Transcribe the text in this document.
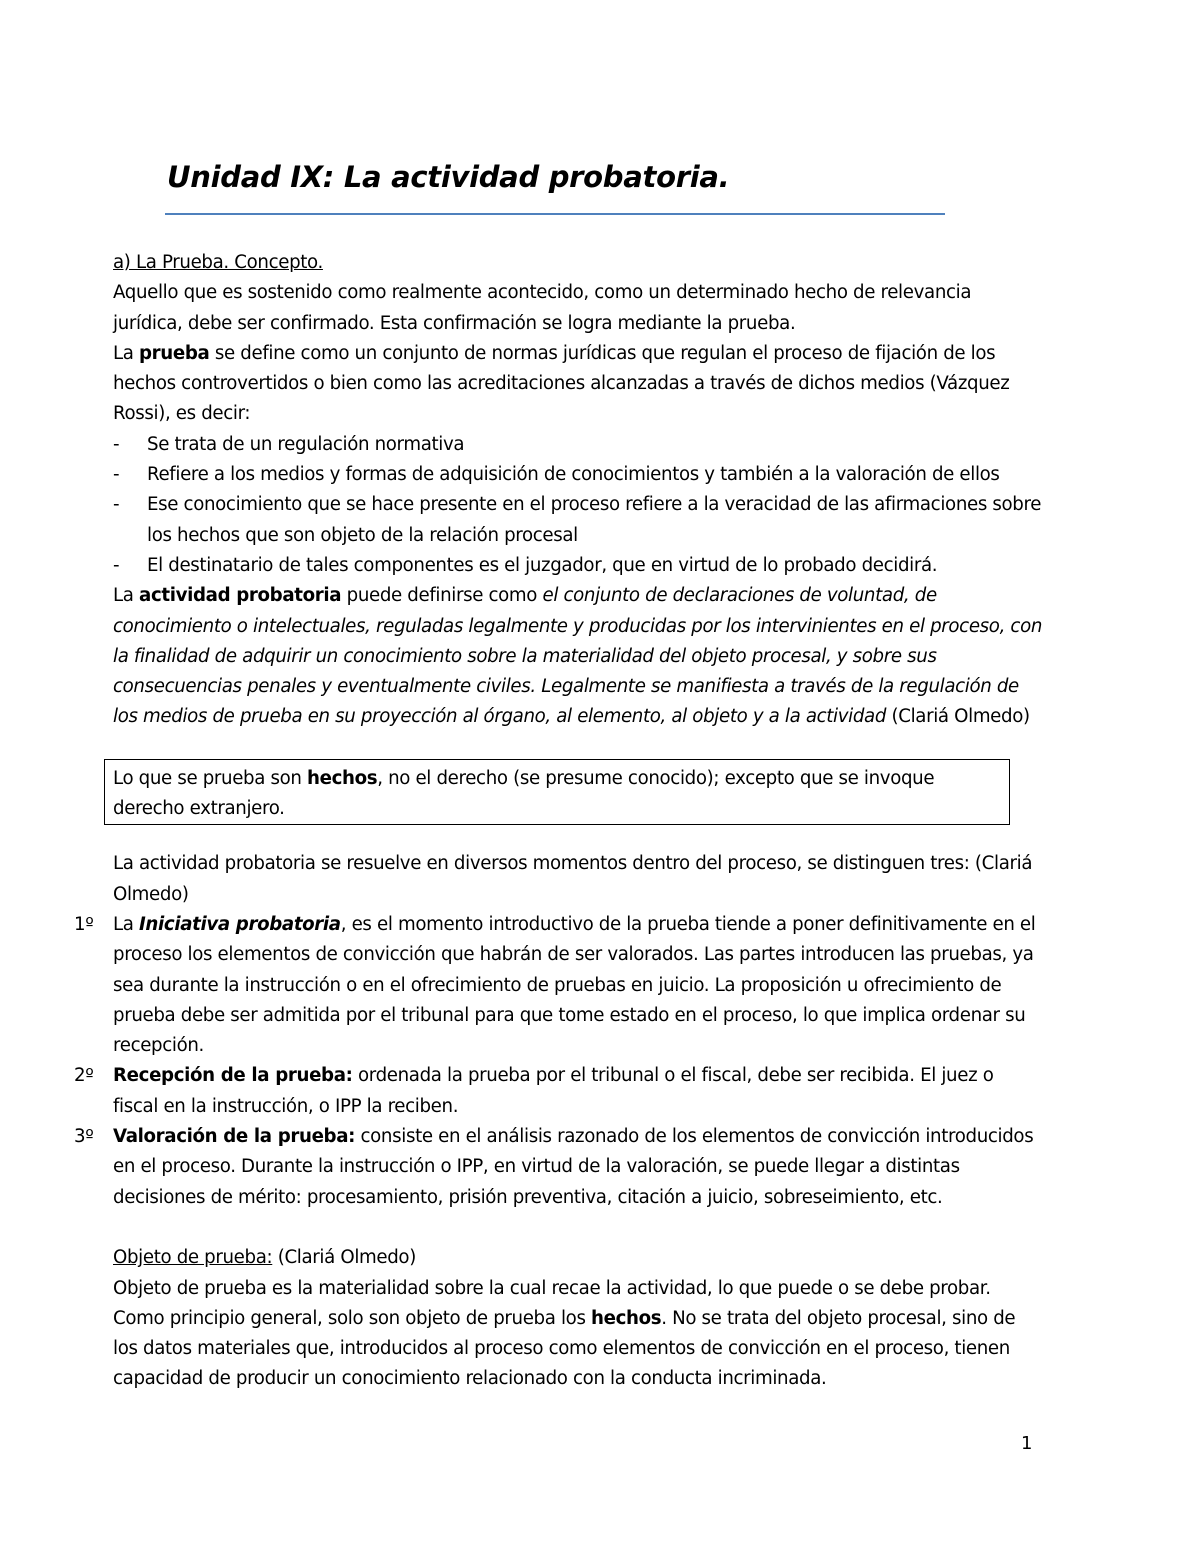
Unidad IX: La actividad probatoria.

a) La Prueba. Concepto.

Aquello que es sostenido como realmente acontecido, como un determinado hecho de relevancia jurídica, debe ser confirmado. Esta confirmación se logra mediante la prueba.

La prueba se define como un conjunto de normas jurídicas que regulan el proceso de fijación de los hechos controvertidos o bien como las acreditaciones alcanzadas a través de dichos medios (Vázquez Rossi), es decir:

- Se trata de un regulación normativa
- Refiere a los medios y formas de adquisición de conocimientos y también a la valoración de ellos
- Ese conocimiento que se hace presente en el proceso refiere a la veracidad de las afirmaciones sobre los hechos que son objeto de la relación procesal
- El destinatario de tales componentes es el juzgador, que en virtud de lo probado decidirá.

La actividad probatoria puede definirse como el conjunto de declaraciones de voluntad, de conocimiento o intelectuales, reguladas legalmente y producidas por los intervinientes en el proceso, con la finalidad de adquirir un conocimiento sobre la materialidad del objeto procesal, y sobre sus consecuencias penales y eventualmente civiles. Legalmente se manifiesta a través de la regulación de los medios de prueba en su proyección al órgano, al elemento, al objeto y a la actividad (Clariá Olmedo)

Lo que se prueba son hechos, no el derecho (se presume conocido); excepto que se invoque derecho extranjero.

La actividad probatoria se resuelve en diversos momentos dentro del proceso, se distinguen tres: (Clariá Olmedo)

1º La Iniciativa probatoria, es el momento introductivo de la prueba tiende a poner definitivamente en el proceso los elementos de convicción que habrán de ser valorados. Las partes introducen las pruebas, ya sea durante la instrucción o en el ofrecimiento de pruebas en juicio. La proposición u ofrecimiento de prueba debe ser admitida por el tribunal para que tome estado en el proceso, lo que implica ordenar su recepción.
2º Recepción de la prueba: ordenada la prueba por el tribunal o el fiscal, debe ser recibida. El juez o fiscal en la instrucción, o IPP la reciben.
3º Valoración de la prueba: consiste en el análisis razonado de los elementos de convicción introducidos en el proceso. Durante la instrucción o IPP, en virtud de la valoración, se puede llegar a distintas decisiones de mérito: procesamiento, prisión preventiva, citación a juicio, sobreseimiento, etc.

Objeto de prueba: (Clariá Olmedo)

Objeto de prueba es la materialidad sobre la cual recae la actividad, lo que puede o se debe probar. Como principio general, solo son objeto de prueba los hechos. No se trata del objeto procesal, sino de los datos materiales que, introducidos al proceso como elementos de convicción en el proceso, tienen capacidad de producir un conocimiento relacionado con la conducta incriminada.

1
